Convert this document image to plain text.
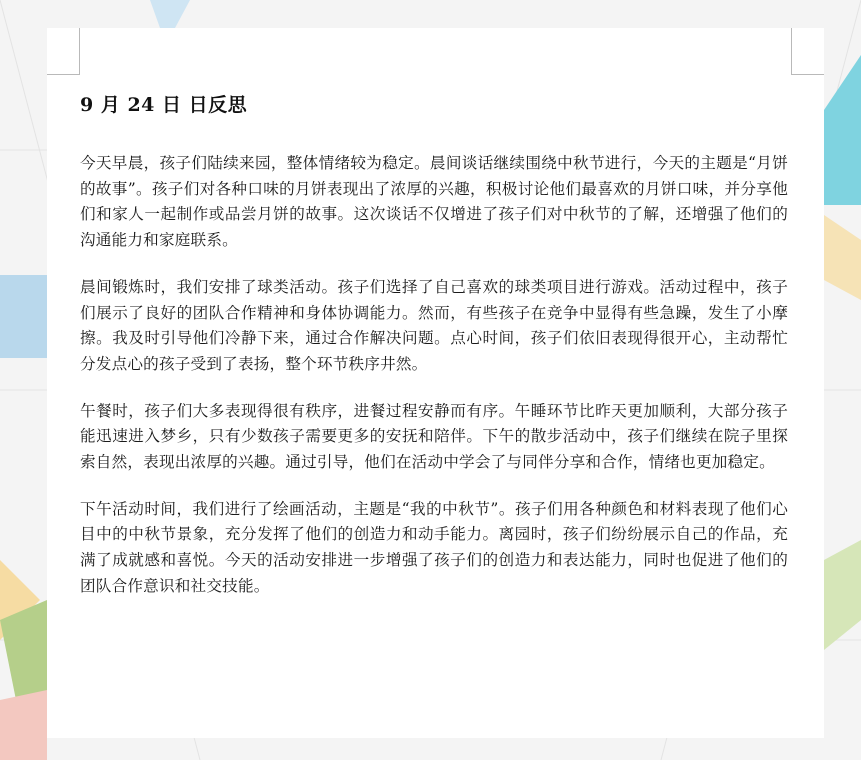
9 月 24 日 日反思

今天早晨，孩子们陆续来园，整体情绪较为稳定。晨间谈话继续围绕中秋节进行，今天的主题是“月饼的故事”。孩子们对各种口味的月饼表现出了浓厚的兴趣，积极讨论他们最喜欢的月饼口味，并分享他们和家人一起制作或品尝月饼的故事。这次谈话不仅增进了孩子们对中秋节的了解，还增强了他们的沟通能力和家庭联系。

晨间锻炼时，我们安排了球类活动。孩子们选择了自己喜欢的球类项目进行游戏。活动过程中，孩子们展示了良好的团队合作精神和身体协调能力。然而，有些孩子在竞争中显得有些急躁，发生了小摩擦。我及时引导他们冷静下来，通过合作解决问题。点心时间，孩子们依旧表现得很开心，主动帮忙分发点心的孩子受到了表扬，整个环节秩序井然。

午餐时，孩子们大多表现得很有秩序，进餐过程安静而有序。午睡环节比昨天更加顺利，大部分孩子能迅速进入梦乡，只有少数孩子需要更多的安抚和陪伴。下午的散步活动中，孩子们继续在院子里探索自然，表现出浓厚的兴趣。通过引导，他们在活动中学会了与同伴分享和合作，情绪也更加稳定。

下午活动时间，我们进行了绘画活动，主题是“我的中秋节”。孩子们用各种颜色和材料表现了他们心目中的中秋节景象，充分发挥了他们的创造力和动手能力。离园时，孩子们纷纷展示自己的作品，充满了成就感和喜悦。今天的活动安排进一步增强了孩子们的创造力和表达能力，同时也促进了他们的团队合作意识和社交技能。
